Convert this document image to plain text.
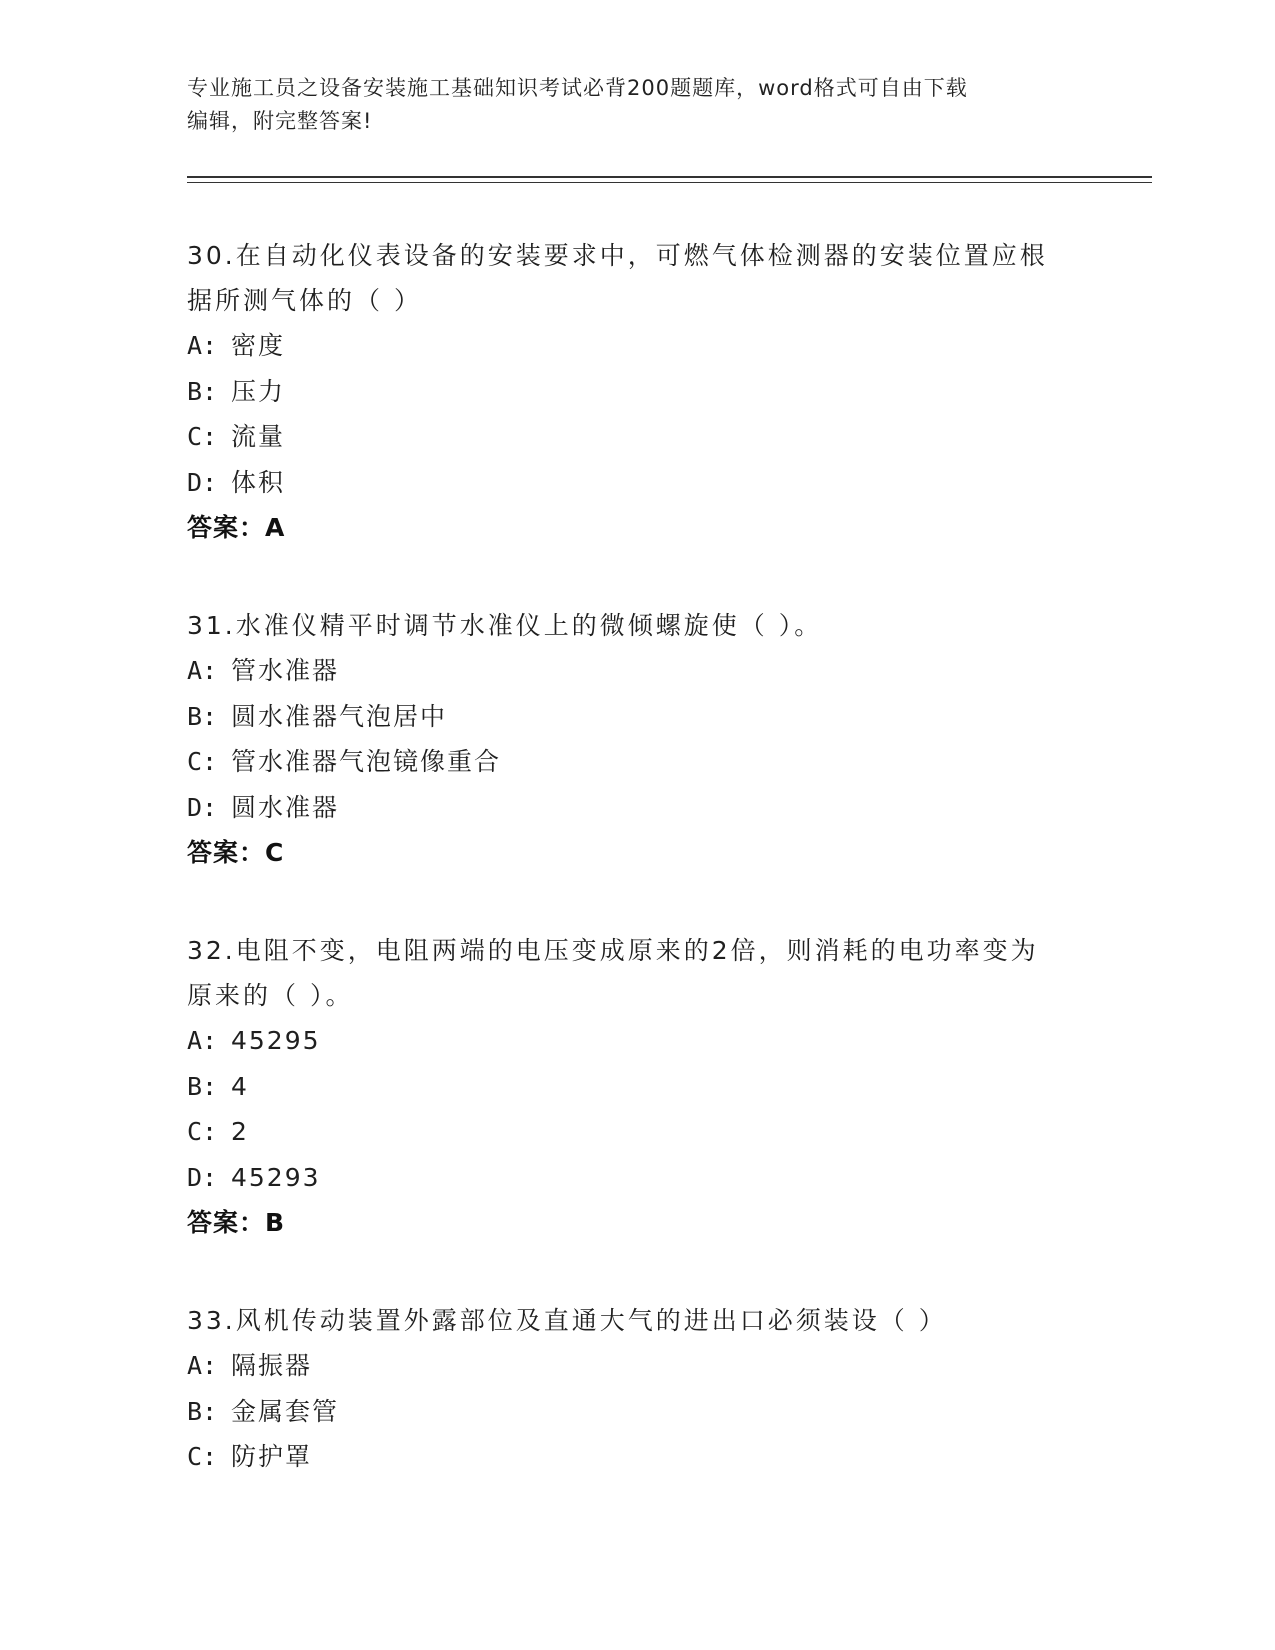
专业施工员之设备安装施工基础知识考试必背200题题库，word格式可自由下载
编辑，附完整答案!

30.在自动化仪表设备的安装要求中，可燃气体检测器的安装位置应根
据所测气体的（ ）

A: 密度
B: 压力
C: 流量
D: 体积
答案：A

31.水准仪精平时调节水准仪上的微倾螺旋使（ ）。

A: 管水准器
B: 圆水准器气泡居中
C: 管水准器气泡镜像重合
D: 圆水准器
答案：C

32.电阻不变，电阻两端的电压变成原来的2倍，则消耗的电功率变为
原来的（ ）。

A: 45295
B: 4
C: 2
D: 45293
答案：B

33.风机传动装置外露部位及直通大气的进出口必须装设（ ）

A: 隔振器
B: 金属套管
C: 防护罩
